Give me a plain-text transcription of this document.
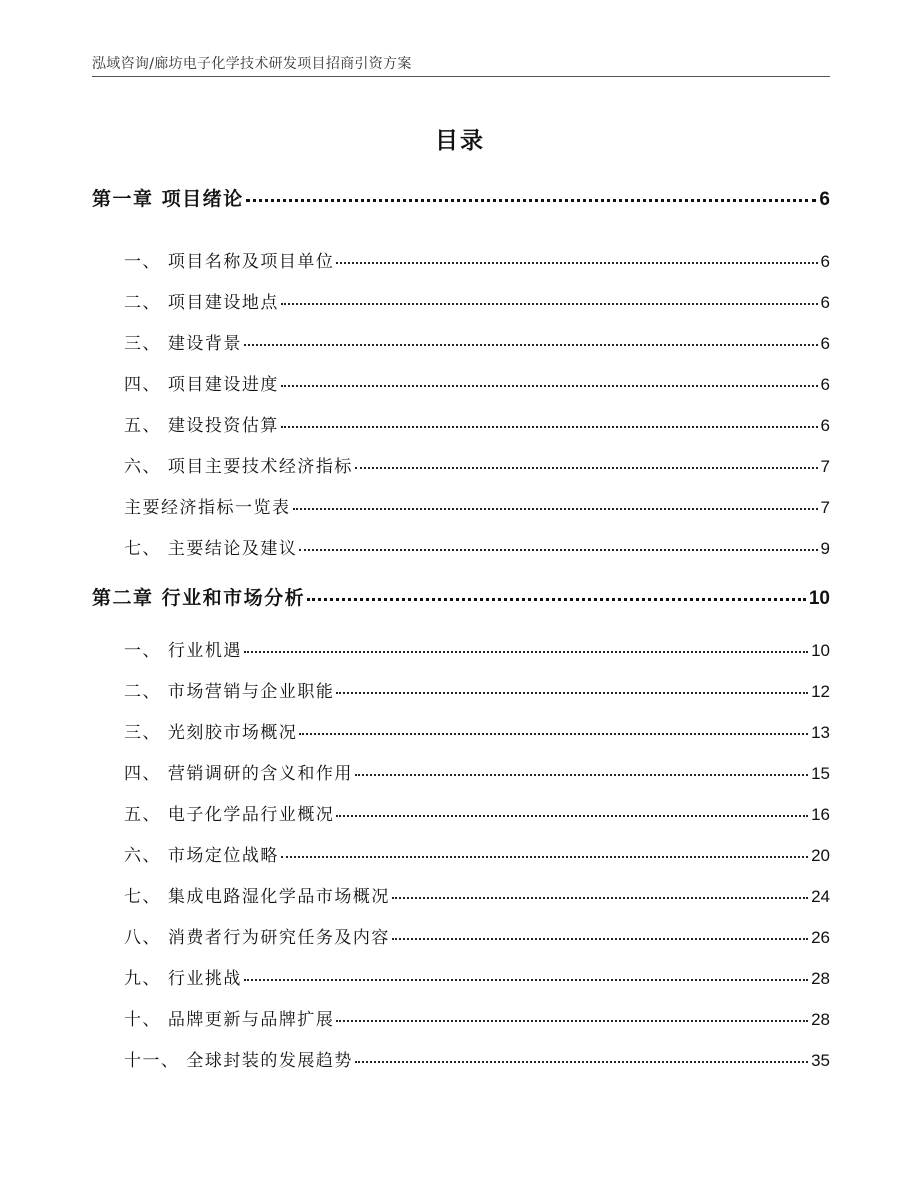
泓域咨询/廊坊电子化学技术研发项目招商引资方案
目录
第一章 项目绪论	6
一、 项目名称及项目单位	6
二、 项目建设地点	6
三、 建设背景	6
四、 项目建设进度	6
五、 建设投资估算	6
六、 项目主要技术经济指标	7
主要经济指标一览表	7
七、 主要结论及建议	9
第二章 行业和市场分析	10
一、 行业机遇	10
二、 市场营销与企业职能	12
三、 光刻胶市场概况	13
四、 营销调研的含义和作用	15
五、 电子化学品行业概况	16
六、 市场定位战略	20
七、 集成电路湿化学品市场概况	24
八、 消费者行为研究任务及内容	26
九、 行业挑战	28
十、 品牌更新与品牌扩展	28
十一、 全球封装的发展趋势	35
